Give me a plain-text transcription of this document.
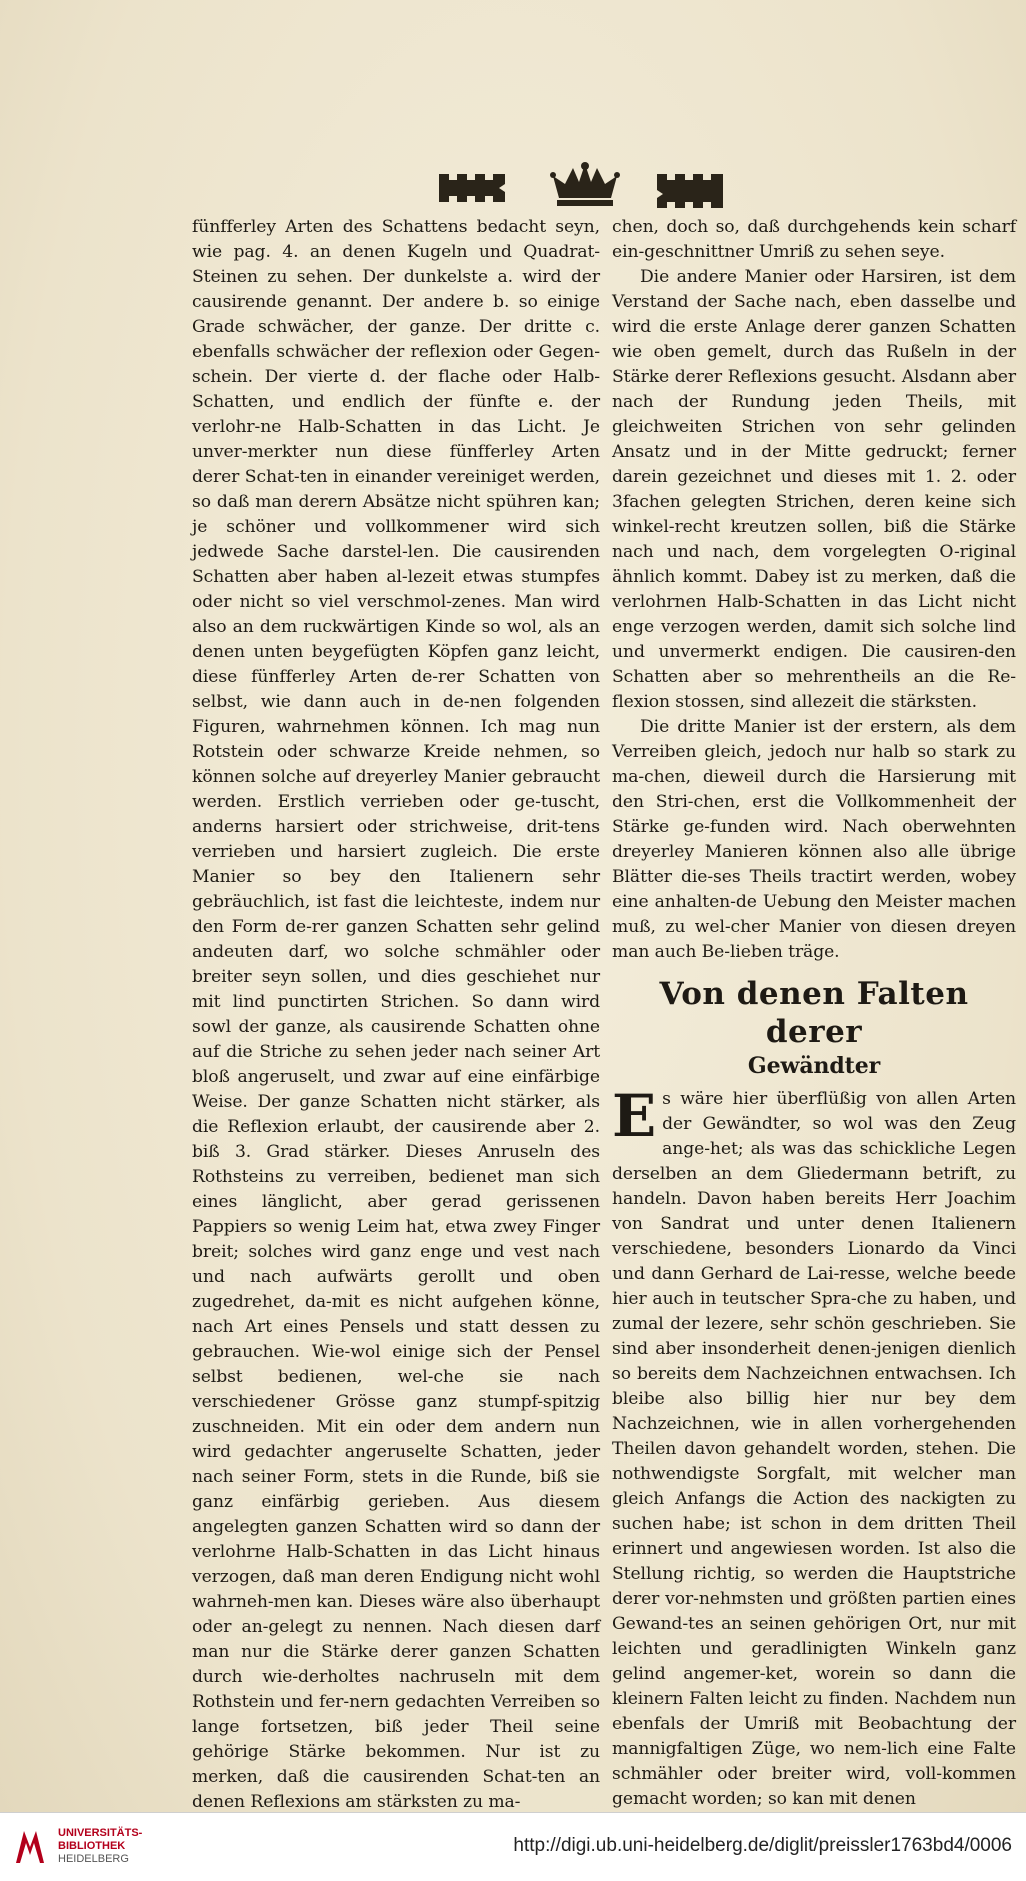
fünfferley Arten des Schattens bedacht seyn, wie pag. 4. an denen Kugeln und Quadrat-Steinen zu sehen. Der dunkelste a. wird der causirende genannt. Der andere b. so einige Grade schwächer, der ganze. Der dritte c. ebenfalls schwächer der reflexion oder Gegen-schein. Der vierte d. der flache oder Halb-Schatten, und endlich der fünfte e. der verlohr-ne Halb-Schatten in das Licht. Je unver-merkter nun diese fünfferley Arten derer Schat-ten in einander vereiniget werden, so daß man derern Absätze nicht spühren kan; je schöner und vollkommener wird sich jedwede Sache darstel-len. Die causirenden Schatten aber haben al-lezeit etwas stumpfes oder nicht so viel verschmol-zenes. Man wird also an dem ruckwärtigen Kinde so wol, als an denen unten beygefügten Köpfen ganz leicht, diese fünfferley Arten de-rer Schatten von selbst, wie dann auch in de-nen folgenden Figuren, wahrnehmen können. Ich mag nun Rotstein oder schwarze Kreide nehmen, so können solche auf dreyerley Manier gebraucht werden. Erstlich verrieben oder ge-tuscht, anderns harsiert oder strichweise, drit-tens verrieben und harsiert zugleich. Die erste Manier so bey den Italienern sehr gebräuchlich, ist fast die leichteste, indem nur den Form de-rer ganzen Schatten sehr gelind andeuten darf, wo solche schmähler oder breiter seyn sollen, und dies geschiehet nur mit lind punctirten Strichen. So dann wird sowl der ganze, als causirende Schatten ohne auf die Striche zu sehen jeder nach seiner Art bloß angeruselt, und zwar auf eine einfärbige Weise. Der ganze Schatten nicht stärker, als die Reflexion erlaubt, der causirende aber 2. biß 3. Grad stärker. Dieses Anruseln des Rothsteins zu verreiben, bedienet man sich eines länglicht, aber gerad gerissenen Pappiers so wenig Leim hat, etwa zwey Finger breit; solches wird ganz enge und vest nach und nach aufwärts gerollt und oben zugedrehet, da-mit es nicht aufgehen könne, nach Art eines Pensels und statt dessen zu gebrauchen. Wie-wol einige sich der Pensel selbst bedienen, wel-che sie nach verschiedener Grösse ganz stumpf-spitzig zuschneiden. Mit ein oder dem andern nun wird gedachter angeruselte Schatten, jeder nach seiner Form, stets in die Runde, biß sie ganz einfärbig gerieben. Aus diesem angelegten ganzen Schatten wird so dann der verlohrne Halb-Schatten in das Licht hinaus verzogen, daß man deren Endigung nicht wohl wahrneh-men kan. Dieses wäre also überhaupt oder an-gelegt zu nennen. Nach diesen darf man nur die Stärke derer ganzen Schatten durch wie-derholtes nachruseln mit dem Rothstein und fer-nern gedachten Verreiben so lange fortsetzen, biß jeder Theil seine gehörige Stärke bekommen. Nur ist zu merken, daß die causirenden Schat-ten an denen Reflexions am stärksten zu ma-

chen, doch so, daß durchgehends kein scharf ein-geschnittner Umriß zu sehen seye.

Die andere Manier oder Harsiren, ist dem Verstand der Sache nach, eben dasselbe und wird die erste Anlage derer ganzen Schatten wie oben gemelt, durch das Rußeln in der Stärke derer Reflexions gesucht. Alsdann aber nach der Rundung jeden Theils, mit gleichweiten Strichen von sehr gelinden Ansatz und in der Mitte gedruckt; ferner darein gezeichnet und dieses mit 1. 2. oder 3fachen gelegten Strichen, deren keine sich winkel-recht kreutzen sollen, biß die Stärke nach und nach, dem vorgelegten O-riginal ähnlich kommt. Dabey ist zu merken, daß die verlohrnen Halb-Schatten in das Licht nicht enge verzogen werden, damit sich solche lind und unvermerkt endigen. Die causiren-den Schatten aber so mehrentheils an die Re-flexion stossen, sind allezeit die stärksten.

Die dritte Manier ist der erstern, als dem Verreiben gleich, jedoch nur halb so stark zu ma-chen, dieweil durch die Harsierung mit den Stri-chen, erst die Vollkommenheit der Stärke ge-funden wird. Nach oberwehnten dreyerley Manieren können also alle übrige Blätter die-ses Theils tractirt werden, wobey eine anhalten-de Uebung den Meister machen muß, zu wel-cher Manier von diesen dreyen man auch Be-lieben träge.

Von denen Falten derer
Gewändter

Es wäre hier überflüßig von allen Arten der Gewändter, so wol was den Zeug ange-het; als was das schickliche Legen derselben an dem Gliedermann betrift, zu handeln. Davon haben bereits Herr Joachim von Sandrat und unter denen Italienern verschiedene, besonders Lionardo da Vinci und dann Gerhard de Lai-resse, welche beede hier auch in teutscher Spra-che zu haben, und zumal der lezere, sehr schön geschrieben. Sie sind aber insonderheit denen-jenigen dienlich so bereits dem Nachzeichnen entwachsen. Ich bleibe also billig hier nur bey dem Nachzeichnen, wie in allen vorhergehenden Theilen davon gehandelt worden, stehen. Die nothwendigste Sorgfalt, mit welcher man gleich Anfangs die Action des nackigten zu suchen habe; ist schon in dem dritten Theil erinnert und angewiesen worden. Ist also die Stellung richtig, so werden die Hauptstriche derer vor-nehmsten und größten partien eines Gewand-tes an seinen gehörigen Ort, nur mit leichten und geradlinigten Winkeln ganz gelind angemer-ket, worein so dann die kleinern Falten leicht zu finden. Nachdem nun ebenfals der Umriß mit Beobachtung der mannigfaltigen Züge, wo nem-lich eine Falte schmähler oder breiter wird, voll-kommen gemacht worden; so kan mit denen

UNIVERSITÄTS-
BIBLIOTHEK
HEIDELBERG
http://digi.ub.uni-heidelberg.de/diglit/preissler1763bd4/0006
